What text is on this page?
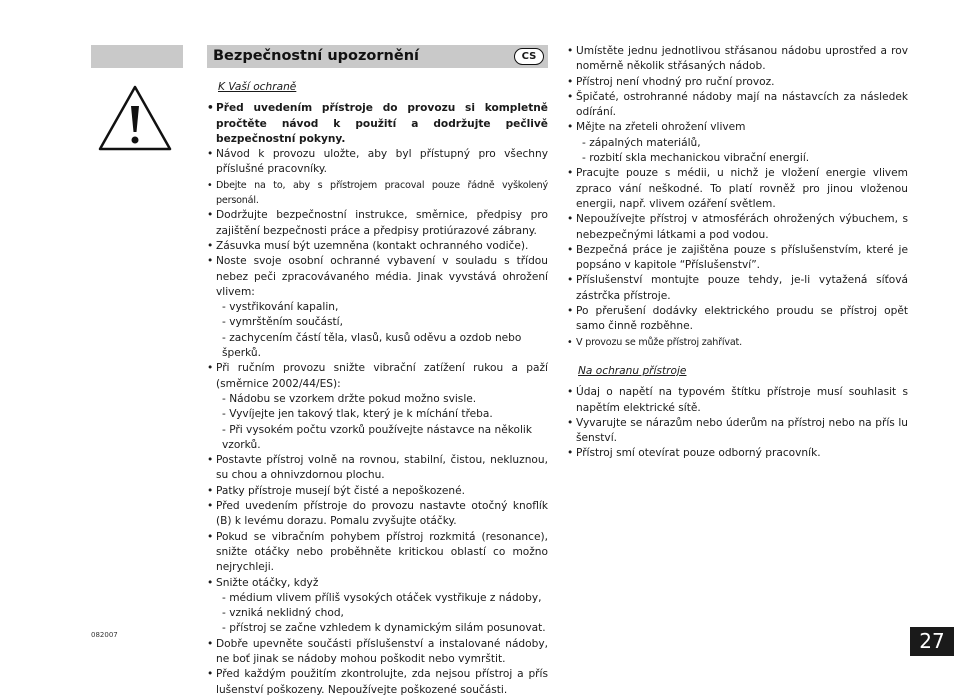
Bezpečnostní upozornění	CS
K Vaší ochraně
• Před uvedením přístroje do provozu si kompletně pročtěte návod k použití a dodržujte pečlivě bezpečnostní pokyny.
• Návod k provozu uložte, aby byl přístupný pro všechny příslušné pracovníky.
• Dbejte na to, aby s přístrojem pracoval pouze řádně vyškolený personál.
• Dodržujte bezpečnostní instrukce, směrnice, předpisy pro zajištění bezpečnosti práce a předpisy protiúrazové zábrany.
• Zásuvka musí být uzemněna (kontakt ochranného vodiče).
• Noste svoje osobní ochranné vybavení v souladu s třídou nebez peči zpracovávaného média. Jinak vyvstává ohrožení vlivem:
- vystřikování kapalin,
- vymrštěním součástí,
- zachycením částí těla, vlasů, kusů oděvu a ozdob nebo šperků.
• Při ručním provozu snižte vibrační zatížení rukou a paží (směrnice 2002/44/ES):
- Nádobu se vzorkem držte pokud možno svisle.
- Vyvíjejte jen takový tlak, který je k míchání třeba.
- Při vysokém počtu vzorků používejte nástavce na několik vzorků.
• Postavte přístroj volně na rovnou, stabilní, čistou, nekluznou, su chou a ohnivzdornou plochu.
• Patky přístroje musejí být čisté a nepoškozené.
• Před uvedením přístroje do provozu nastavte otočný knoflík (B) k levému dorazu. Pomalu zvyšujte otáčky.
• Pokud se vibračním pohybem přístroj rozkmitá (resonance), snižte otáčky nebo proběhněte kritickou oblastí co možno nejrychleji.
• Snižte otáčky, když
- médium vlivem příliš vysokých otáček vystřikuje z nádoby,
- vzniká neklidný chod,
- přístroj se začne vzhledem k dynamickým silám posunovat.
• Dobře upevněte součásti příslušenství a instalované nádoby, ne boť jinak se nádoby mohou poškodit nebo vymrštit.
• Před každým použitím zkontrolujte, zda nejsou přístroj a přís lušenství poškozeny. Nepoužívejte poškozené součásti.
• Umístěte jednu jednotlivou střásanou nádobu uprostřed a rov noměrně několik střásaných nádob.
• Přístroj není vhodný pro ruční provoz.
• Špičaté, ostrohranné nádoby mají na nástavcích za následek odírání.
• Mějte na zřeteli ohrožení vlivem
- zápalných materiálů,
- rozbití skla mechanickou vibrační energií.
• Pracujte pouze s médii, u nichž je vložení energie vlivem zpraco vání neškodné. To platí rovněž pro jinou vloženou energii, např. vlivem ozáření světlem.
• Nepoužívejte přístroj v atmosférách ohrožených výbuchem, s nebezpečnými látkami a pod vodou.
• Bezpečná práce je zajištěna pouze s příslušenstvím, které je popsáno v kapitole “Příslušenství”.
• Příslušenství montujte pouze tehdy, je-li vytažená síťová zástrčka přístroje.
• Po přerušení dodávky elektrického proudu se přístroj opět samo činně rozběhne.
• V provozu se může přístroj zahřívat.
Na ochranu přístroje
• Údaj o napětí na typovém štítku přístroje musí souhlasit s napětím elektrické sítě.
• Vyvarujte se nárazům nebo úderům na přístroj nebo na přís lu šenství.
• Přístroj smí otevírat pouze odborný pracovník.
082007	27
